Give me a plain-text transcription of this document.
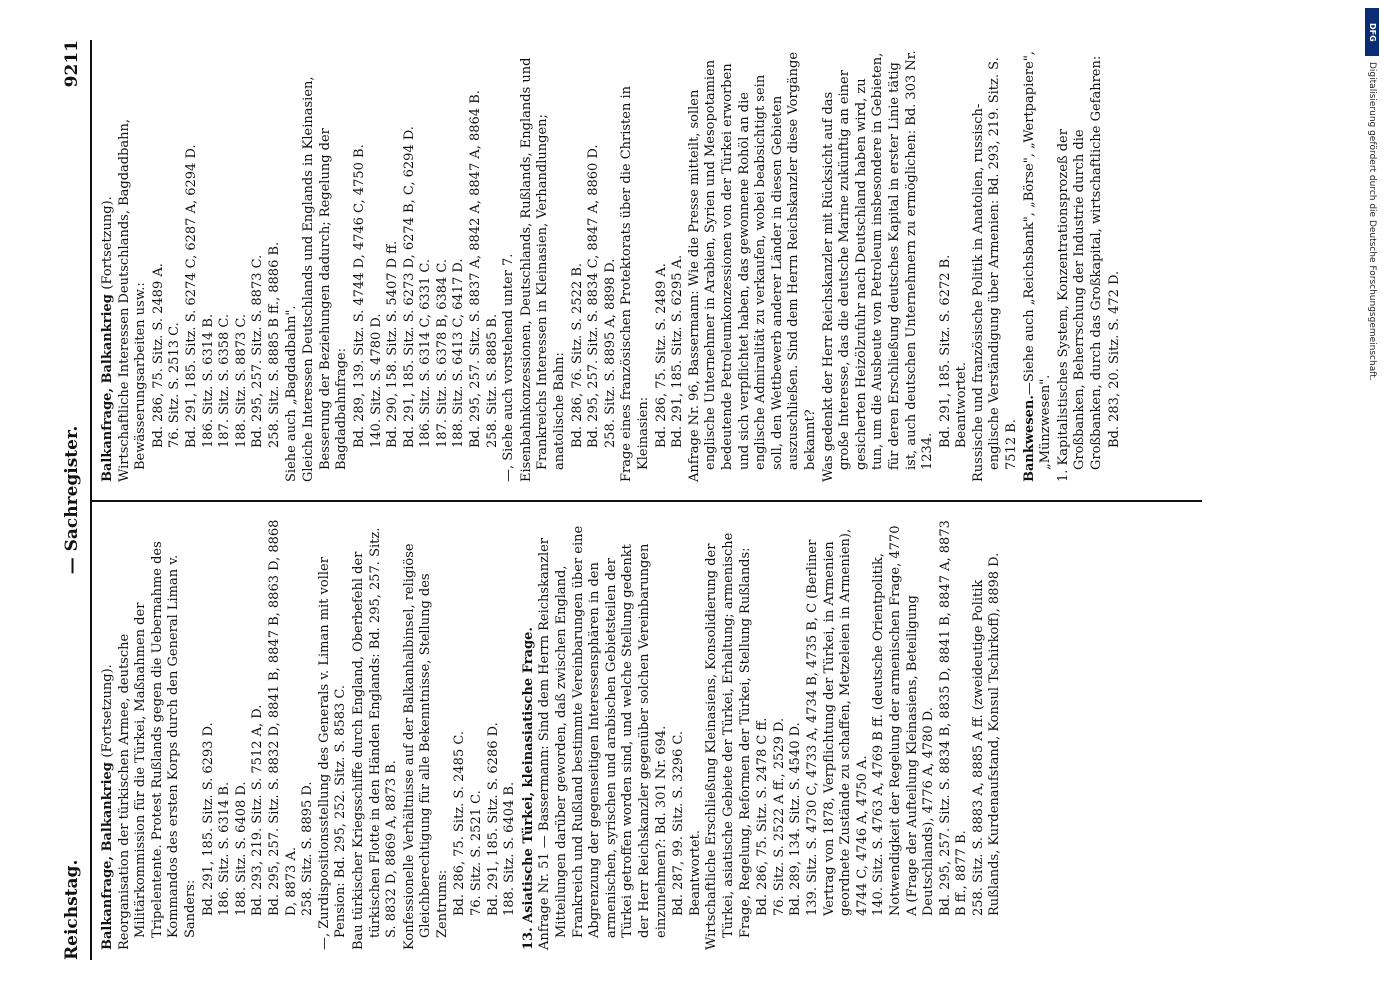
DFG
Digitalisierung gefördert durch die Deutsche Forschungsgemeinschaft.
Reichstag.
— Sachregister.
9211
Balkanfrage, Balkankrieg (Fortsetzung). Reorganisation der türkischen Armee, deutsche Militärkommission für die Türkei, Maßnahmen der Tripelentente. Protest Rußlands gegen die Uebernahme des Kommandos des ersten Korps durch den General Liman v. Sanders: Bd. 291, 185. Sitz. S. 6293 D. 186. Sitz. S. 6314 B. 188. Sitz. S. 6408 D. Bd. 293, 219. Sitz. S. 7512 A, D. Bd. 295, 257. Sitz. S. 8832 D, 8841 B, 8847 B, 8863 D, 8868 D, 8873 A. 258. Sitz. S. 8895 D. —, Zurdispositionsstellung des Generals v. Liman mit voller Pension: Bd. 295, 252. Sitz. S. 8583 C. Bau türkischer Kriegsschiffe durch England, Oberbefehl der türkischen Flotte in den Händen Englands: Bd. 295, 257. Sitz. S. 8832 D, 8869 A, 8873 B. Konfessionelle Verhältnisse auf der Balkanhalbinsel, religiöse Gleichberechtigung für alle Bekenntnisse, Stellung des Zentrums: Bd. 286, 75. Sitz. S. 2485 C. 76. Sitz. S. 2521 C. Bd. 291, 185. Sitz. S. 6286 D. 188. Sitz. S. 6404 B. 13. Asiatische Türkei, kleinasiatische Frage. Anfrage Nr. 51 — Bassermann: Sind dem Herrn Reichskanzler Mitteilungen darüber geworden, daß zwischen England, Frankreich und Rußland bestimmte Vereinbarungen über eine Abgrenzung der gegenseitigen Interessensphären in den armenischen, syrischen und arabischen Gebietsteilen der Türkei getroffen worden sind, und welche Stellung gedenkt der Herr Reichskanzler gegenüber solchen Vereinbarungen einzunehmen?: Bd. 301 Nr. 694. Bd. 287, 99. Sitz. S. 3296 C. Beantwortet. Wirtschaftliche Erschließung Kleinasiens, Konsolidierung der Türkei, asiatische Gebiete der Türkei, Erhaltung; armenische Frage, Regelung, Reformen der Türkei, Stellung Rußlands: Bd. 286, 75. Sitz. S. 2478 C ff. 76. Sitz. S. 2522 A ff., 2529 D. Bd. 289, 134. Sitz. S. 4540 D. 139. Sitz. S. 4730 C, 4733 A, 4734 B, 4735 B, C (Berliner Vertrag von 1878, Verpflichtung der Türkei, in Armenien geordnete Zustände zu schaffen, Metzeleien in Armenien), 4744 C, 4746 A, 4750 A. 140. Sitz. S. 4763 A, 4769 B ff. (deutsche Orientpolitik, Notwendigkeit der Regelung der armenischen Frage, 4770 A (Frage der Aufteilung Kleinasiens, Beteiligung Deutschlands), 4776 A, 4780 D. Bd. 295, 257. Sitz. S. 8834 B, 8835 D, 8841 B, 8847 A, 8873 B ff., 8877 B. 258. Sitz. S. 8883 A, 8885 A ff. (zweideutige Politik Rußlands, Kurdenaufstand, Konsul Tschirkoff), 8898 D.
Balkanfrage, Balkankrieg (Fortsetzung). Wirtschaftliche Interessen Deutschlands, Bagdadbahn, Bewässerungsarbeiten usw.: Bd. 286, 75. Sitz. S. 2489 A. 76. Sitz. S. 2513 C. Bd. 291, 185. Sitz. S. 6274 C, 6287 A, 6294 D. 186. Sitz. S. 6314 B. 187. Sitz. S. 6358 C. 188. Sitz. S. 8873 C. Bd. 295, 257. Sitz. S. 8873 C. 258. Sitz. S. 8885 B ff., 8886 B. Siehe auch „Bagdadbahn". Gleiche Interessen Deutschlands und Englands in Kleinasien, Besserung der Beziehungen dadurch; Regelung der Bagdadbahnfrage: Bd. 289, 139. Sitz. S. 4744 D, 4746 C, 4750 B. 140. Sitz. S. 4780 D. Bd. 290, 158. Sitz. S. 5407 D ff. Bd. 291, 185. Sitz. S. 6273 D, 6274 B, C, 6294 D. 186. Sitz. S. 6314 C, 6331 C. 187. Sitz. S. 6378 B, 6384 C. 188. Sitz. S. 6413 C, 6417 D. Bd. 295, 257. Sitz. S. 8837 A, 8842 A, 8847 A, 8864 B. 258. Sitz. S. 8885 B. —, Siehe auch vorstehend unter 7. Eisenbahnkonzessionen, Deutschlands, Rußlands, Englands und Frankreichs Interessen in Kleinasien, Verhandlungen; anatolische Bahn: Bd. 286, 76. Sitz. S. 2522 B. Bd. 295, 257. Sitz. S. 8834 C, 8847 A, 8860 D. 258. Sitz. S. 8895 A, 8898 D. Frage eines französischen Protektorats über die Christen in Kleinasien: Bd. 286, 75. Sitz. S. 2489 A. Bd. 291, 185. Sitz. S. 6295 A. Anfrage Nr. 96, Bassermann: Wie die Presse mitteilt, sollen englische Unternehmer in Arabien, Syrien und Mesopotamien bedeutende Petroleumkonzessionen von der Türkei erworben und sich verpflichtet haben, das gewonnene Rohöl an die englische Admiralität zu verkaufen, wobei beabsichtigt sein soll, den Wettbewerb anderer Länder in diesen Gebieten auszuschließen. Sind dem Herrn Reichskanzler diese Vorgänge bekannt? Was gedenkt der Herr Reichskanzler mit Rücksicht auf das große Interesse, das die deutsche Marine zukünftig an einer gesicherten Heizölzufuhr nach Deutschland haben wird, zu tun, um die Ausbeute von Petroleum insbesondere in Gebieten, für deren Erschließung deutsches Kapital in erster Linie tätig ist, auch deutschen Unternehmern zu ermöglichen: Bd. 303 Nr. 1234.
Bd. 291, 185. Sitz. S. 6272 B. Beantwortet. Russische und französische Politik in Anatolien, russisch-englische Verständigung über Armenien: Bd. 293, 219. Sitz. S. 7512 B. Bankwesen.—Siehe auch „Reichsbank", „Börse", „Wertpapiere", „Münzwesen". 1. Kapitalistisches System, Konzentrationsprozeß der Großbanken, Beherrschung der Industrie durch die Großbanken, durch das Großkapital, wirtschaftliche Gefahren: Bd. 283, 20. Sitz. S. 472 D.
